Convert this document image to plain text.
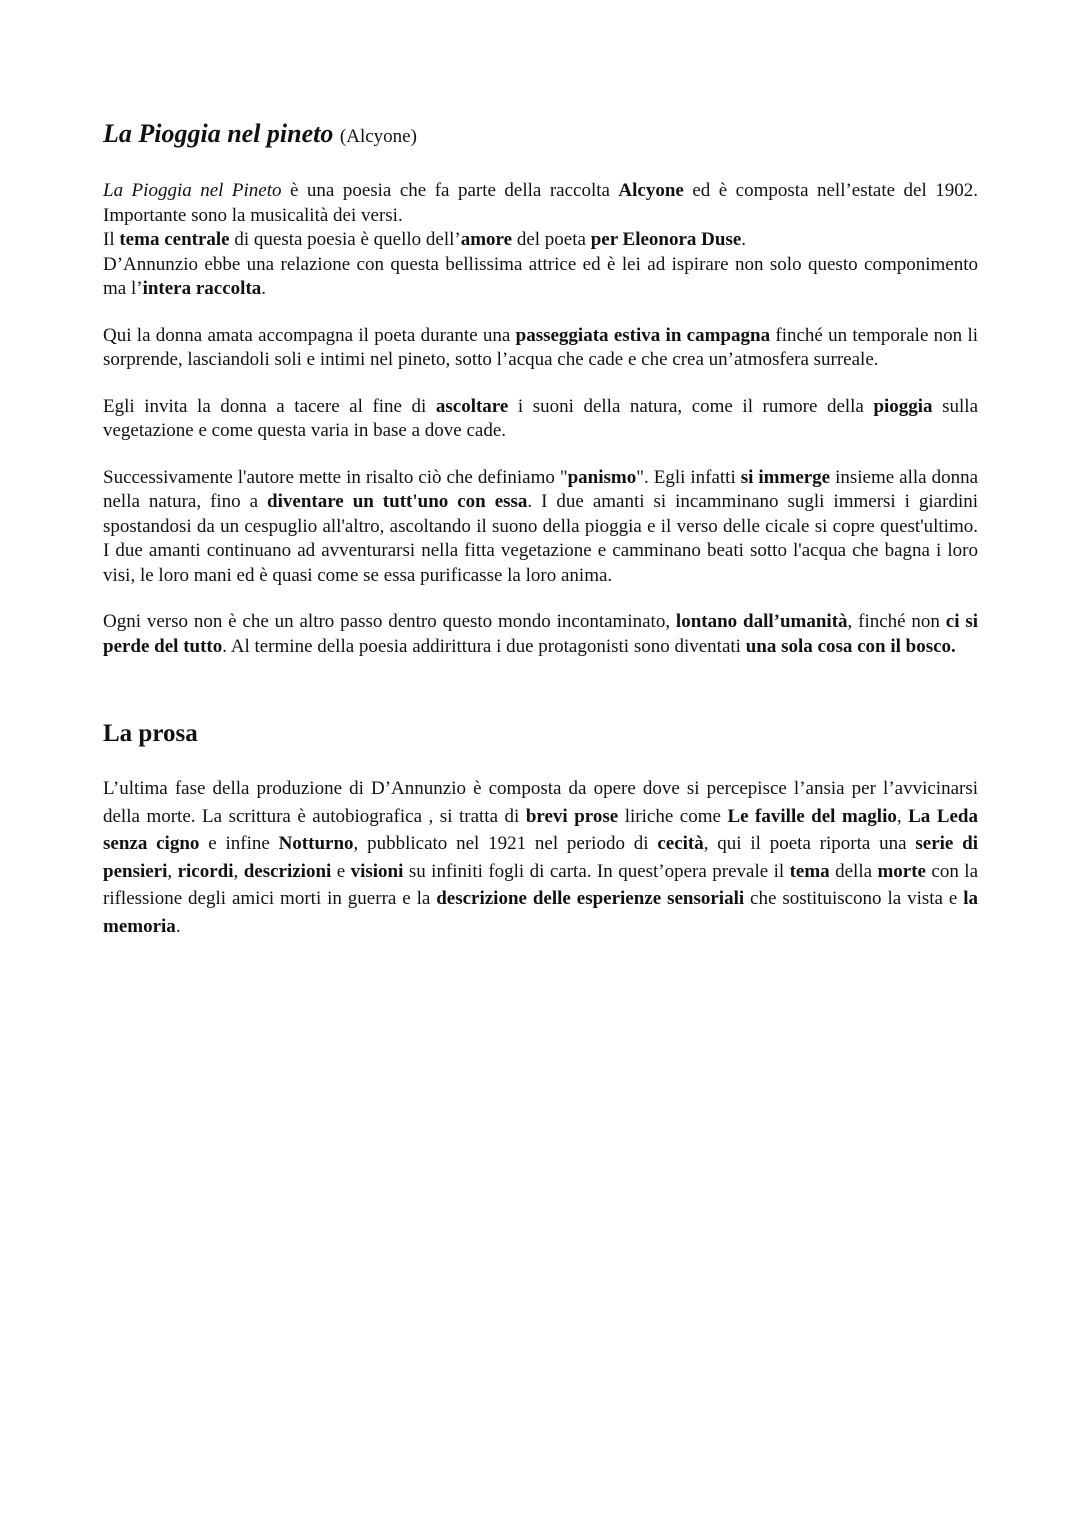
La Pioggia nel pineto (Alcyone)

La Pioggia nel Pineto è una poesia che fa parte della raccolta Alcyone ed è composta nell’estate del 1902. Importante sono la musicalità dei versi.

Il tema centrale di questa poesia è quello dell’amore del poeta per Eleonora Duse.

D’Annunzio ebbe una relazione con questa bellissima attrice ed è lei ad ispirare non solo questo componimento ma l’intera raccolta.

Qui la donna amata accompagna il poeta durante una passeggiata estiva in campagna finché un temporale non li sorprende, lasciandoli soli e intimi nel pineto, sotto l’acqua che cade e che crea un’atmosfera surreale.

Egli invita la donna a tacere al fine di ascoltare i suoni della natura, come il rumore della pioggia sulla vegetazione e come questa varia in base a dove cade.

Successivamente l'autore mette in risalto ciò che definiamo "panismo". Egli infatti si immerge insieme alla donna nella natura, fino a diventare un tutt'uno con essa. I due amanti si incamminano sugli immersi i giardini spostandosi da un cespuglio all'altro, ascoltando il suono della pioggia e il verso delle cicale si copre quest'ultimo. I due amanti continuano ad avventurarsi nella fitta vegetazione e camminano beati sotto l'acqua che bagna i loro visi, le loro mani ed è quasi come se essa purificasse la loro anima.

Ogni verso non è che un altro passo dentro questo mondo incontaminato, lontano dall’umanità, finché non ci si perde del tutto. Al termine della poesia addirittura i due protagonisti sono diventati una sola cosa con il bosco.

La prosa

L’ultima fase della produzione di D’Annunzio è composta da opere dove si percepisce l’ansia per l’avvicinarsi della morte. La scrittura è autobiografica , si tratta di brevi prose liriche come Le faville del maglio, La Leda senza cigno e infine Notturno, pubblicato nel 1921 nel periodo di cecità, qui il poeta riporta una serie di pensieri, ricordi, descrizioni e visioni su infiniti fogli di carta. In quest’opera prevale il tema della morte con la riflessione degli amici morti in guerra e la descrizione delle esperienze sensoriali che sostituiscono la vista e la memoria.
